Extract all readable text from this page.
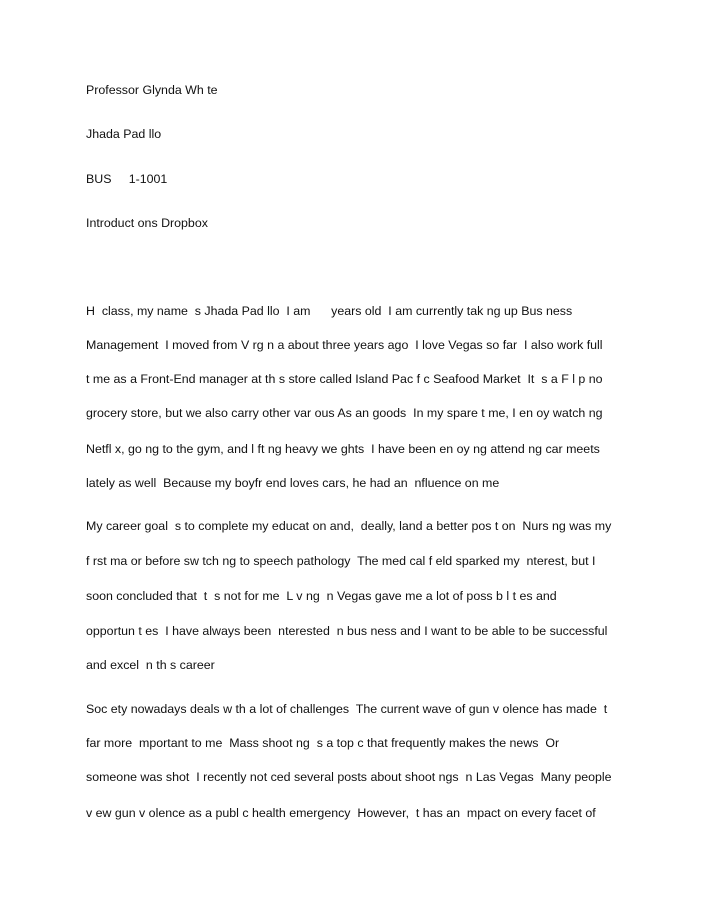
Professor Glynda Wh te
Jhada Pad llo
BUS     1-1001
Introduct ons Dropbox
H  class, my name  s Jhada Pad llo  I am      years old  I am currently tak ng up Bus ness
Management  I moved from V rg n a about three years ago  I love Vegas so far  I also work full
t me as a Front-End manager at th s store called Island Pac f c Seafood Market  It  s a F l p no
grocery store, but we also carry other var ous As an goods  In my spare t me, I en oy watch ng
Netfl x, go ng to the gym, and l ft ng heavy we ghts  I have been en oy ng attend ng car meets
lately as well  Because my boyfr end loves cars, he had an  nfluence on me
My career goal  s to complete my educat on and,  deally, land a better pos t on  Nurs ng was my
f rst ma or before sw tch ng to speech pathology  The med cal f eld sparked my  nterest, but I
soon concluded that  t  s not for me  L v ng  n Vegas gave me a lot of poss b l t es and
opportun t es  I have always been  nterested  n bus ness and I want to be able to be successful
and excel  n th s career
Soc ety nowadays deals w th a lot of challenges  The current wave of gun v olence has made  t
far more  mportant to me  Mass shoot ng  s a top c that frequently makes the news  Or
someone was shot  I recently not ced several posts about shoot ngs  n Las Vegas  Many people
v ew gun v olence as a publ c health emergency  However,  t has an  mpact on every facet of
